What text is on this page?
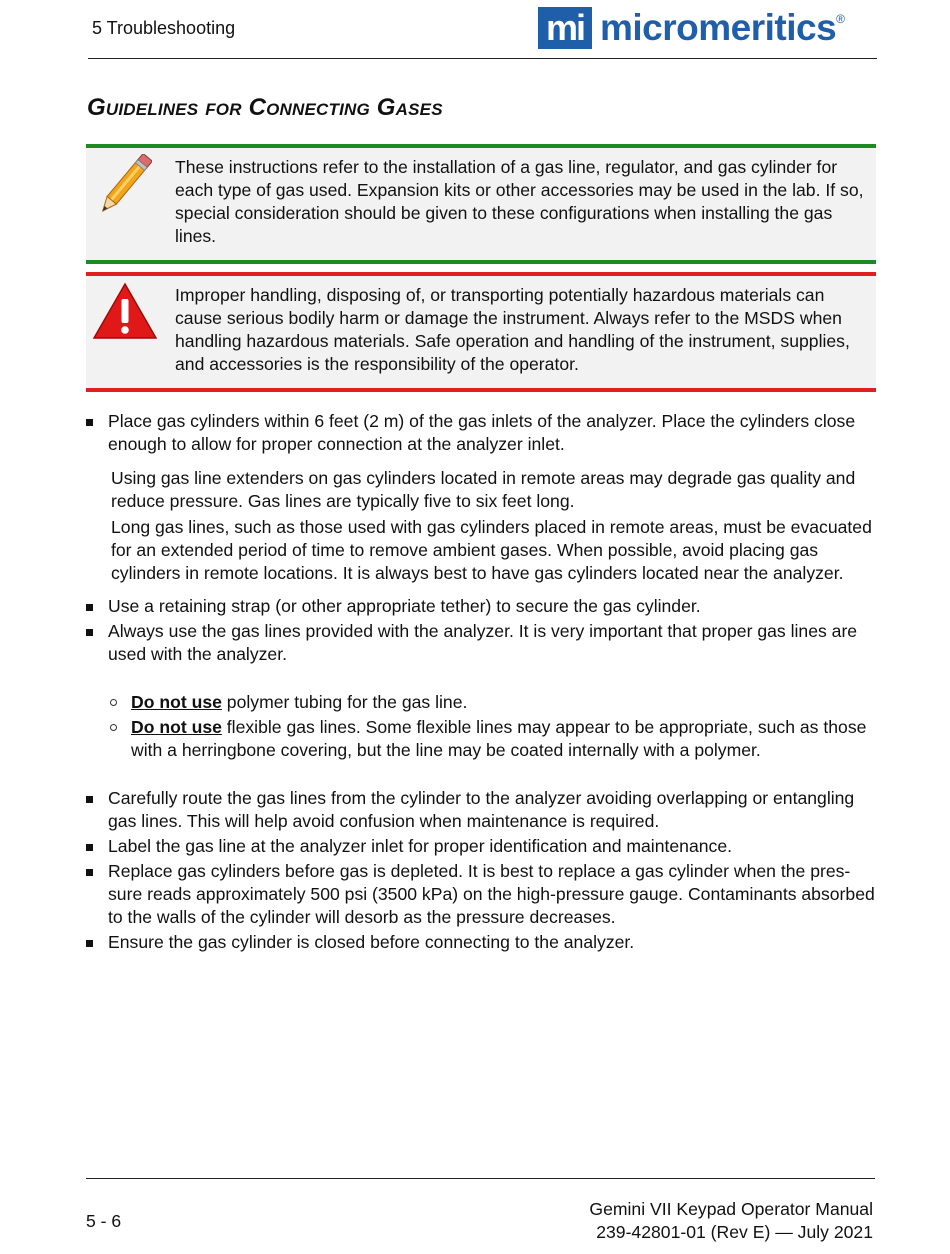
5 Troubleshooting	mi micromeritics ®
Guidelines for Connecting Gases
These instructions refer to the installation of a gas line, regulator, and gas cylinder for each type of gas used. Expansion kits or other accessories may be used in the lab. If so, special consideration should be given to these configurations when installing the gas lines.
Improper handling, disposing of, or transporting potentially hazardous materials can cause serious bodily harm or damage the instrument. Always refer to the MSDS when handling hazardous materials. Safe operation and handling of the instrument, supplies, and accessories is the responsibility of the operator.
Place gas cylinders within 6 feet (2 m) of the gas inlets of the analyzer. Place the cylinders close enough to allow for proper connection at the analyzer inlet.
Using gas line extenders on gas cylinders located in remote areas may degrade gas quality and reduce pressure. Gas lines are typically five to six feet long.
Long gas lines, such as those used with gas cylinders placed in remote areas, must be evacuated for an extended period of time to remove ambient gases. When possible, avoid placing gas cylinders in remote locations. It is always best to have gas cylinders located near the analyzer.
Use a retaining strap (or other appropriate tether) to secure the gas cylinder.
Always use the gas lines provided with the analyzer. It is very important that proper gas lines are used with the analyzer.
Do not use polymer tubing for the gas line.
Do not use flexible gas lines. Some flexible lines may appear to be appropriate, such as those with a herringbone covering, but the line may be coated internally with a polymer.
Carefully route the gas lines from the cylinder to the analyzer avoiding overlapping or entangling gas lines. This will help avoid confusion when maintenance is required.
Label the gas line at the analyzer inlet for proper identification and maintenance.
Replace gas cylinders before gas is depleted. It is best to replace a gas cylinder when the pres-sure reads approximately 500 psi (3500 kPa) on the high-pressure gauge. Contaminants absorbed to the walls of the cylinder will desorb as the pressure decreases.
Ensure the gas cylinder is closed before connecting to the analyzer.
5 - 6
Gemini VII Keypad Operator Manual
239-42801-01 (Rev E) — July 2021
